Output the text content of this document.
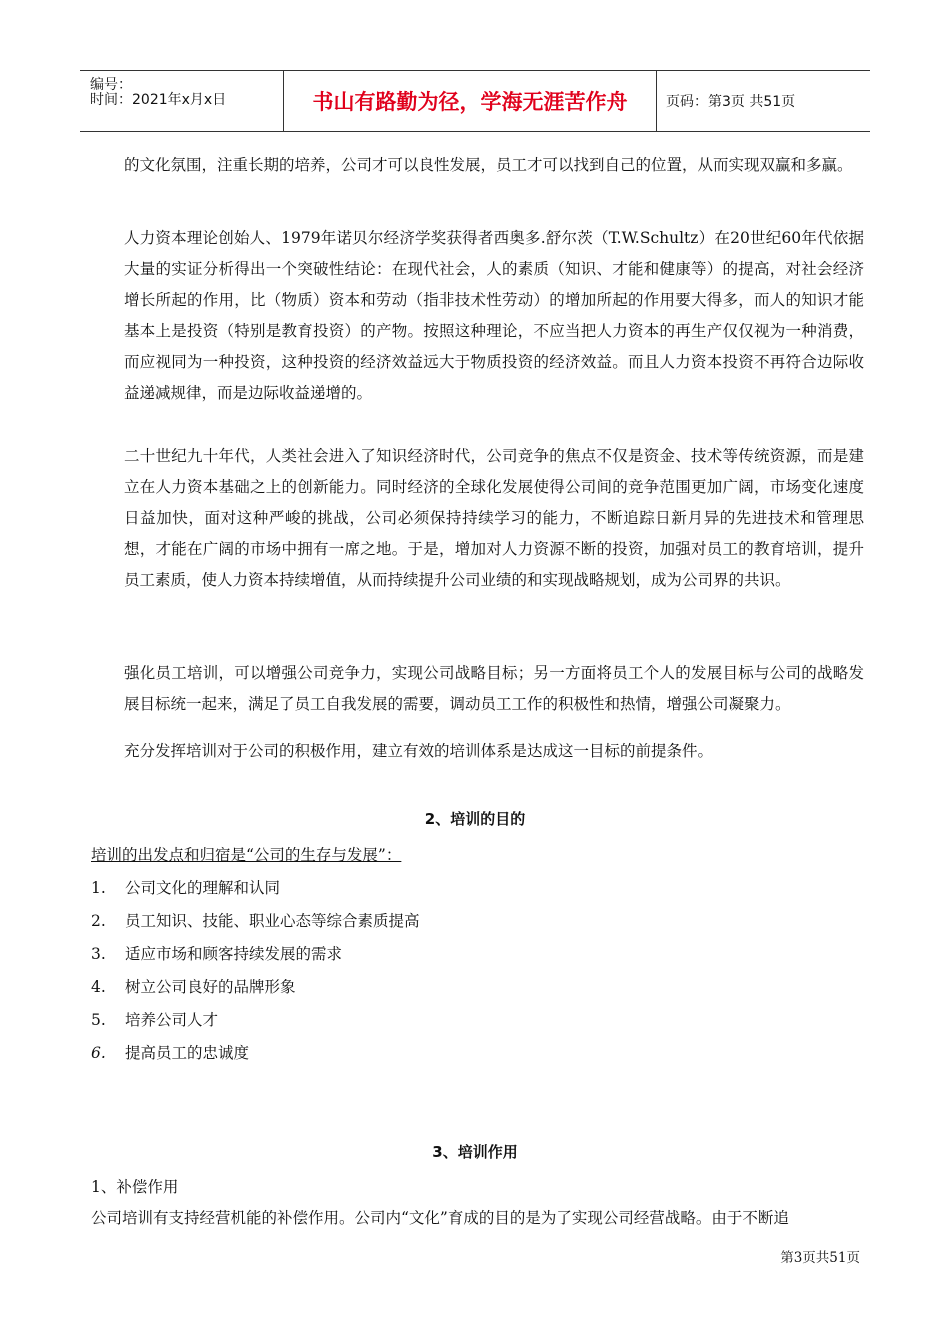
编号：
时间：2021年x月x日	书山有路勤为径，学海无涯苦作舟	页码：第3页 共51页
的文化氛围，注重长期的培养，公司才可以良性发展，员工才可以找到自己的位置，从而实现双赢和多赢。
人力资本理论创始人、1979年诺贝尔经济学奖获得者西奥多.舒尔茨（T.W.Schultz）在20世纪60年代依据大量的实证分析得出一个突破性结论：在现代社会，人的素质（知识、才能和健康等）的提高，对社会经济增长所起的作用，比（物质）资本和劳动（指非技术性劳动）的增加所起的作用要大得多，而人的知识才能基本上是投资（特别是教育投资）的产物。按照这种理论，不应当把人力资本的再生产仅仅视为一种消费，而应视同为一种投资，这种投资的经济效益远大于物质投资的经济效益。而且人力资本投资不再符合边际收益递减规律，而是边际收益递增的。
二十世纪九十年代，人类社会进入了知识经济时代，公司竞争的焦点不仅是资金、技术等传统资源，而是建立在人力资本基础之上的创新能力。同时经济的全球化发展使得公司间的竞争范围更加广阔，市场变化速度日益加快，面对这种严峻的挑战，公司必须保持持续学习的能力，不断追踪日新月异的先进技术和管理思想，才能在广阔的市场中拥有一席之地。于是，增加对人力资源不断的投资，加强对员工的教育培训，提升员工素质，使人力资本持续增值，从而持续提升公司业绩的和实现战略规划，成为公司界的共识。
强化员工培训，可以增强公司竞争力，实现公司战略目标；另一方面将员工个人的发展目标与公司的战略发展目标统一起来，满足了员工自我发展的需要，调动员工工作的积极性和热情，增强公司凝聚力。
充分发挥培训对于公司的积极作用，建立有效的培训体系是达成这一目标的前提条件。
2、培训的目的
培训的出发点和归宿是“公司的生存与发展”：
1. 公司文化的理解和认同
2. 员工知识、技能、职业心态等综合素质提高
3. 适应市场和顾客持续发展的需求
4. 树立公司良好的品牌形象
5. 培养公司人才
6. 提高员工的忠诚度
3、培训作用
1、补偿作用
公司培训有支持经营机能的补偿作用。公司内“文化”育成的目的是为了实现公司经营战略。由于不断追
第3页共51页
